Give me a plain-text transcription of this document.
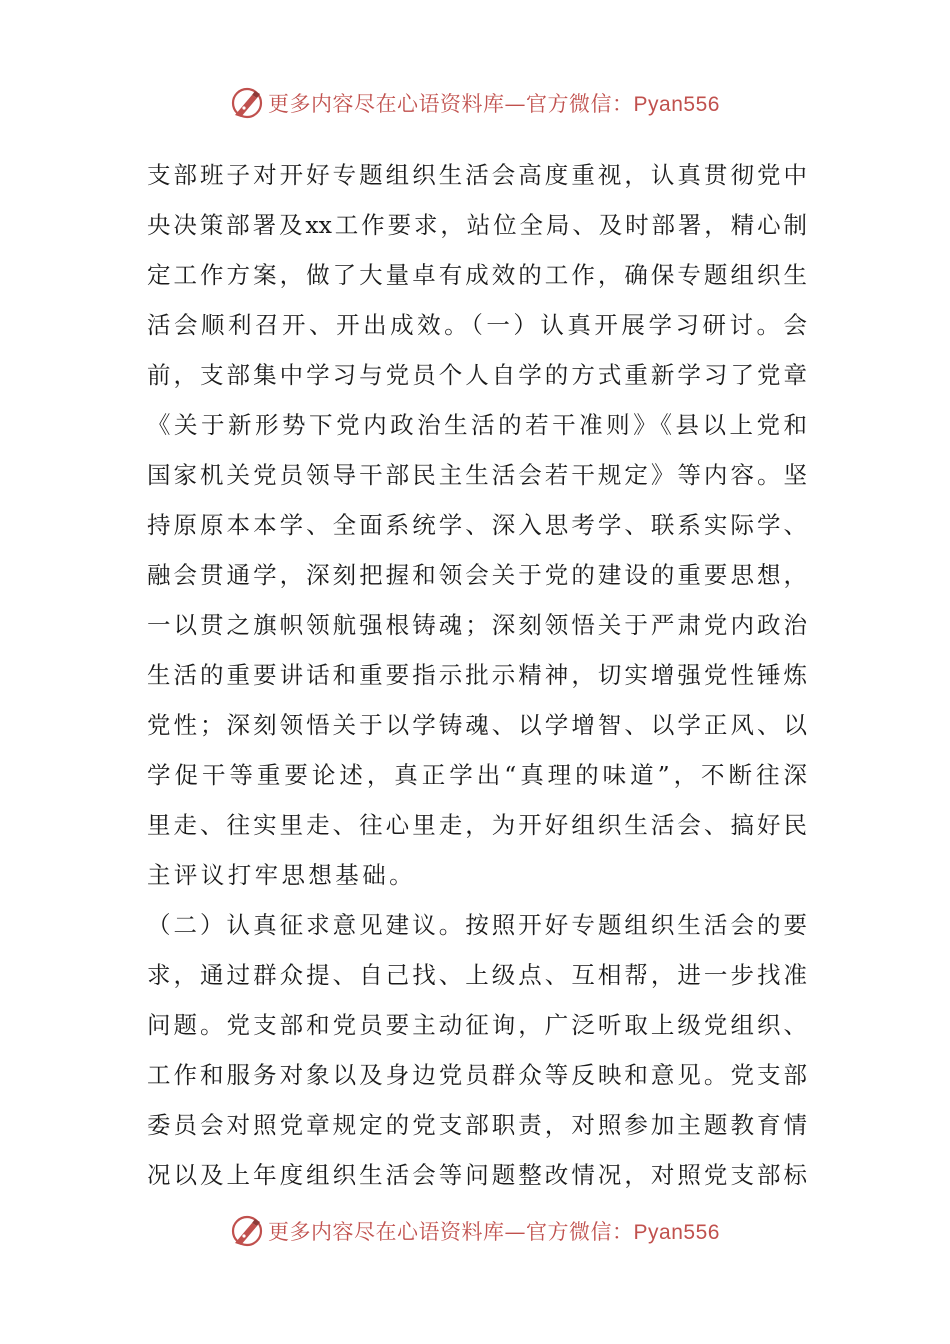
更多内容尽在心语资料库—官方微信：Pyan556
支部班子对开好专题组织生活会高度重视，认真贯彻党中
央决策部署及xx工作要求，站位全局、及时部署，精心制
定工作方案，做了大量卓有成效的工作，确保专题组织生
活会顺利召开、开出成效。（一）认真开展学习研讨。会
前，支部集中学习与党员个人自学的方式重新学习了党章
《关于新形势下党内政治生活的若干准则》《县以上党和
国家机关党员领导干部民主生活会若干规定》等内容。坚
持原原本本学、全面系统学、深入思考学、联系实际学、
融会贯通学，深刻把握和领会关于党的建设的重要思想，
一以贯之旗帜领航强根铸魂；深刻领悟关于严肃党内政治
生活的重要讲话和重要指示批示精神，切实增强党性锤炼
党性；深刻领悟关于以学铸魂、以学增智、以学正风、以
学促干等重要论述，真正学出“真理的味道”，不断往深
里走、往实里走、往心里走，为开好组织生活会、搞好民
主评议打牢思想基础。
（二）认真征求意见建议。按照开好专题组织生活会的要
求，通过群众提、自己找、上级点、互相帮，进一步找准
问题。党支部和党员要主动征询，广泛听取上级党组织、
工作和服务对象以及身边党员群众等反映和意见。党支部
委员会对照党章规定的党支部职责，对照参加主题教育情
况以及上年度组织生活会等问题整改情况，对照党支部标
更多内容尽在心语资料库—官方微信：Pyan556
